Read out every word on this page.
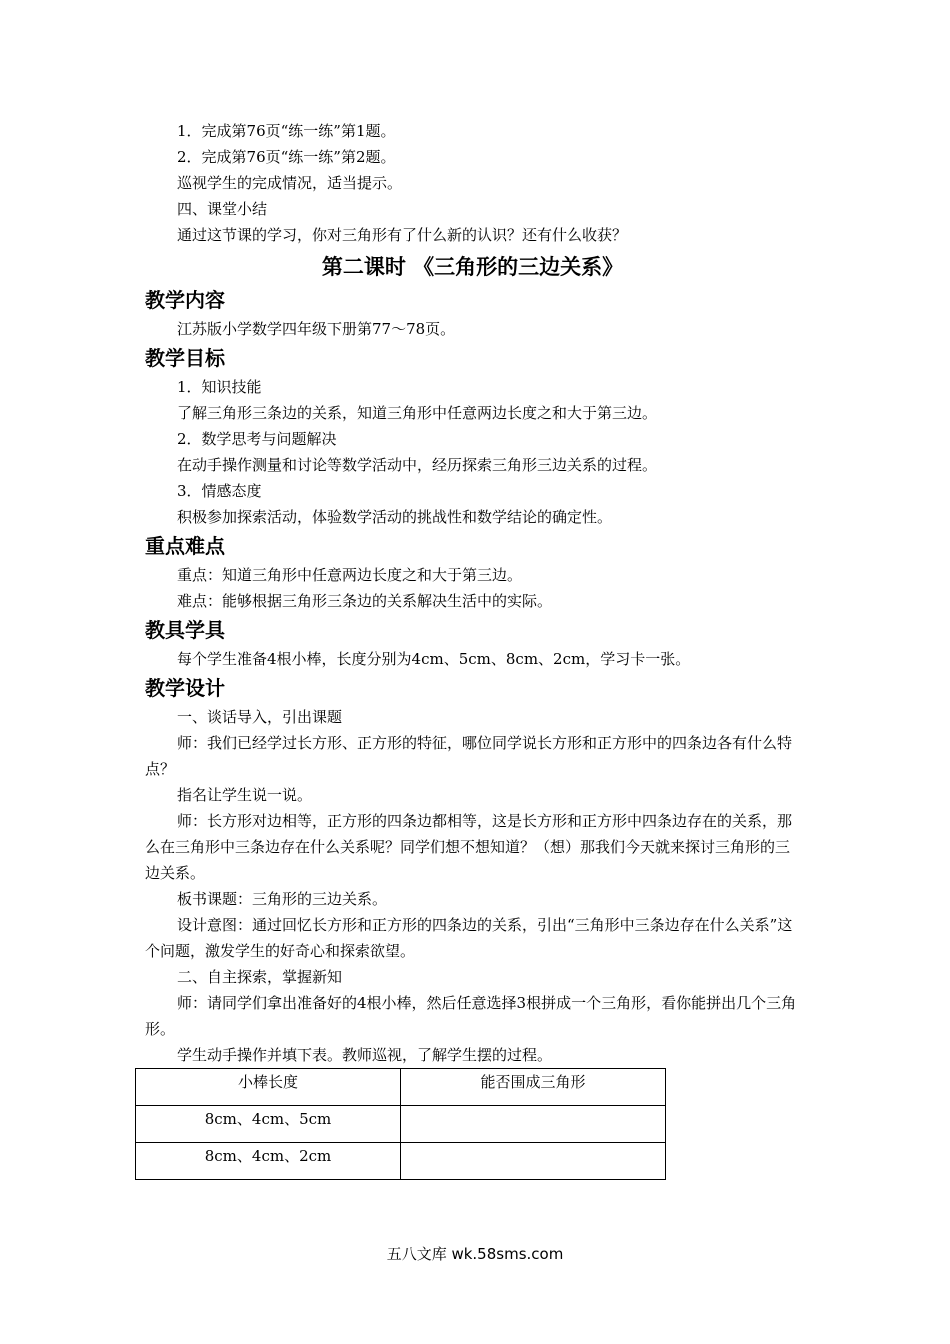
1．完成第76页“练一练”第1题。

2．完成第76页“练一练”第2题。

巡视学生的完成情况，适当提示。

四、课堂小结

通过这节课的学习，你对三角形有了什么新的认识？还有什么收获？

第二课时 《三角形的三边关系》
教学内容

江苏版小学数学四年级下册第77～78页。

教学目标

1．知识技能

了解三角形三条边的关系，知道三角形中任意两边长度之和大于第三边。

2．数学思考与问题解决

在动手操作测量和讨论等数学活动中，经历探索三角形三边关系的过程。

3．情感态度

积极参加探索活动，体验数学活动的挑战性和数学结论的确定性。

重点难点

重点：知道三角形中任意两边长度之和大于第三边。

难点：能够根据三角形三条边的关系解决生活中的实际。

教具学具

每个学生准备4根小棒，长度分别为4cm、5cm、8cm、2cm，学习卡一张。

教学设计

一、谈话导入，引出课题

师：我们已经学过长方形、正方形的特征，哪位同学说长方形和正方形中的四条边各有什么特点？

指名让学生说一说。

师：长方形对边相等，正方形的四条边都相等，这是长方形和正方形中四条边存在的关系，那么在三角形中三条边存在什么关系呢？同学们想不想知道？（想）那我们今天就来探讨三角形的三边关系。

板书课题：三角形的三边关系。

设计意图：通过回忆长方形和正方形的四条边的关系，引出“三角形中三条边存在什么关系”这个问题，激发学生的好奇心和探索欲望。

二、自主探索，掌握新知

师：请同学们拿出准备好的4根小棒，然后任意选择3根拼成一个三角形，看你能拼出几个三角形。

学生动手操作并填下表。教师巡视，了解学生摆的过程。

小棒长度	能否围成三角形
8cm、4cm、5cm	
8cm、4cm、2cm	
五八文库 wk.58sms.com
